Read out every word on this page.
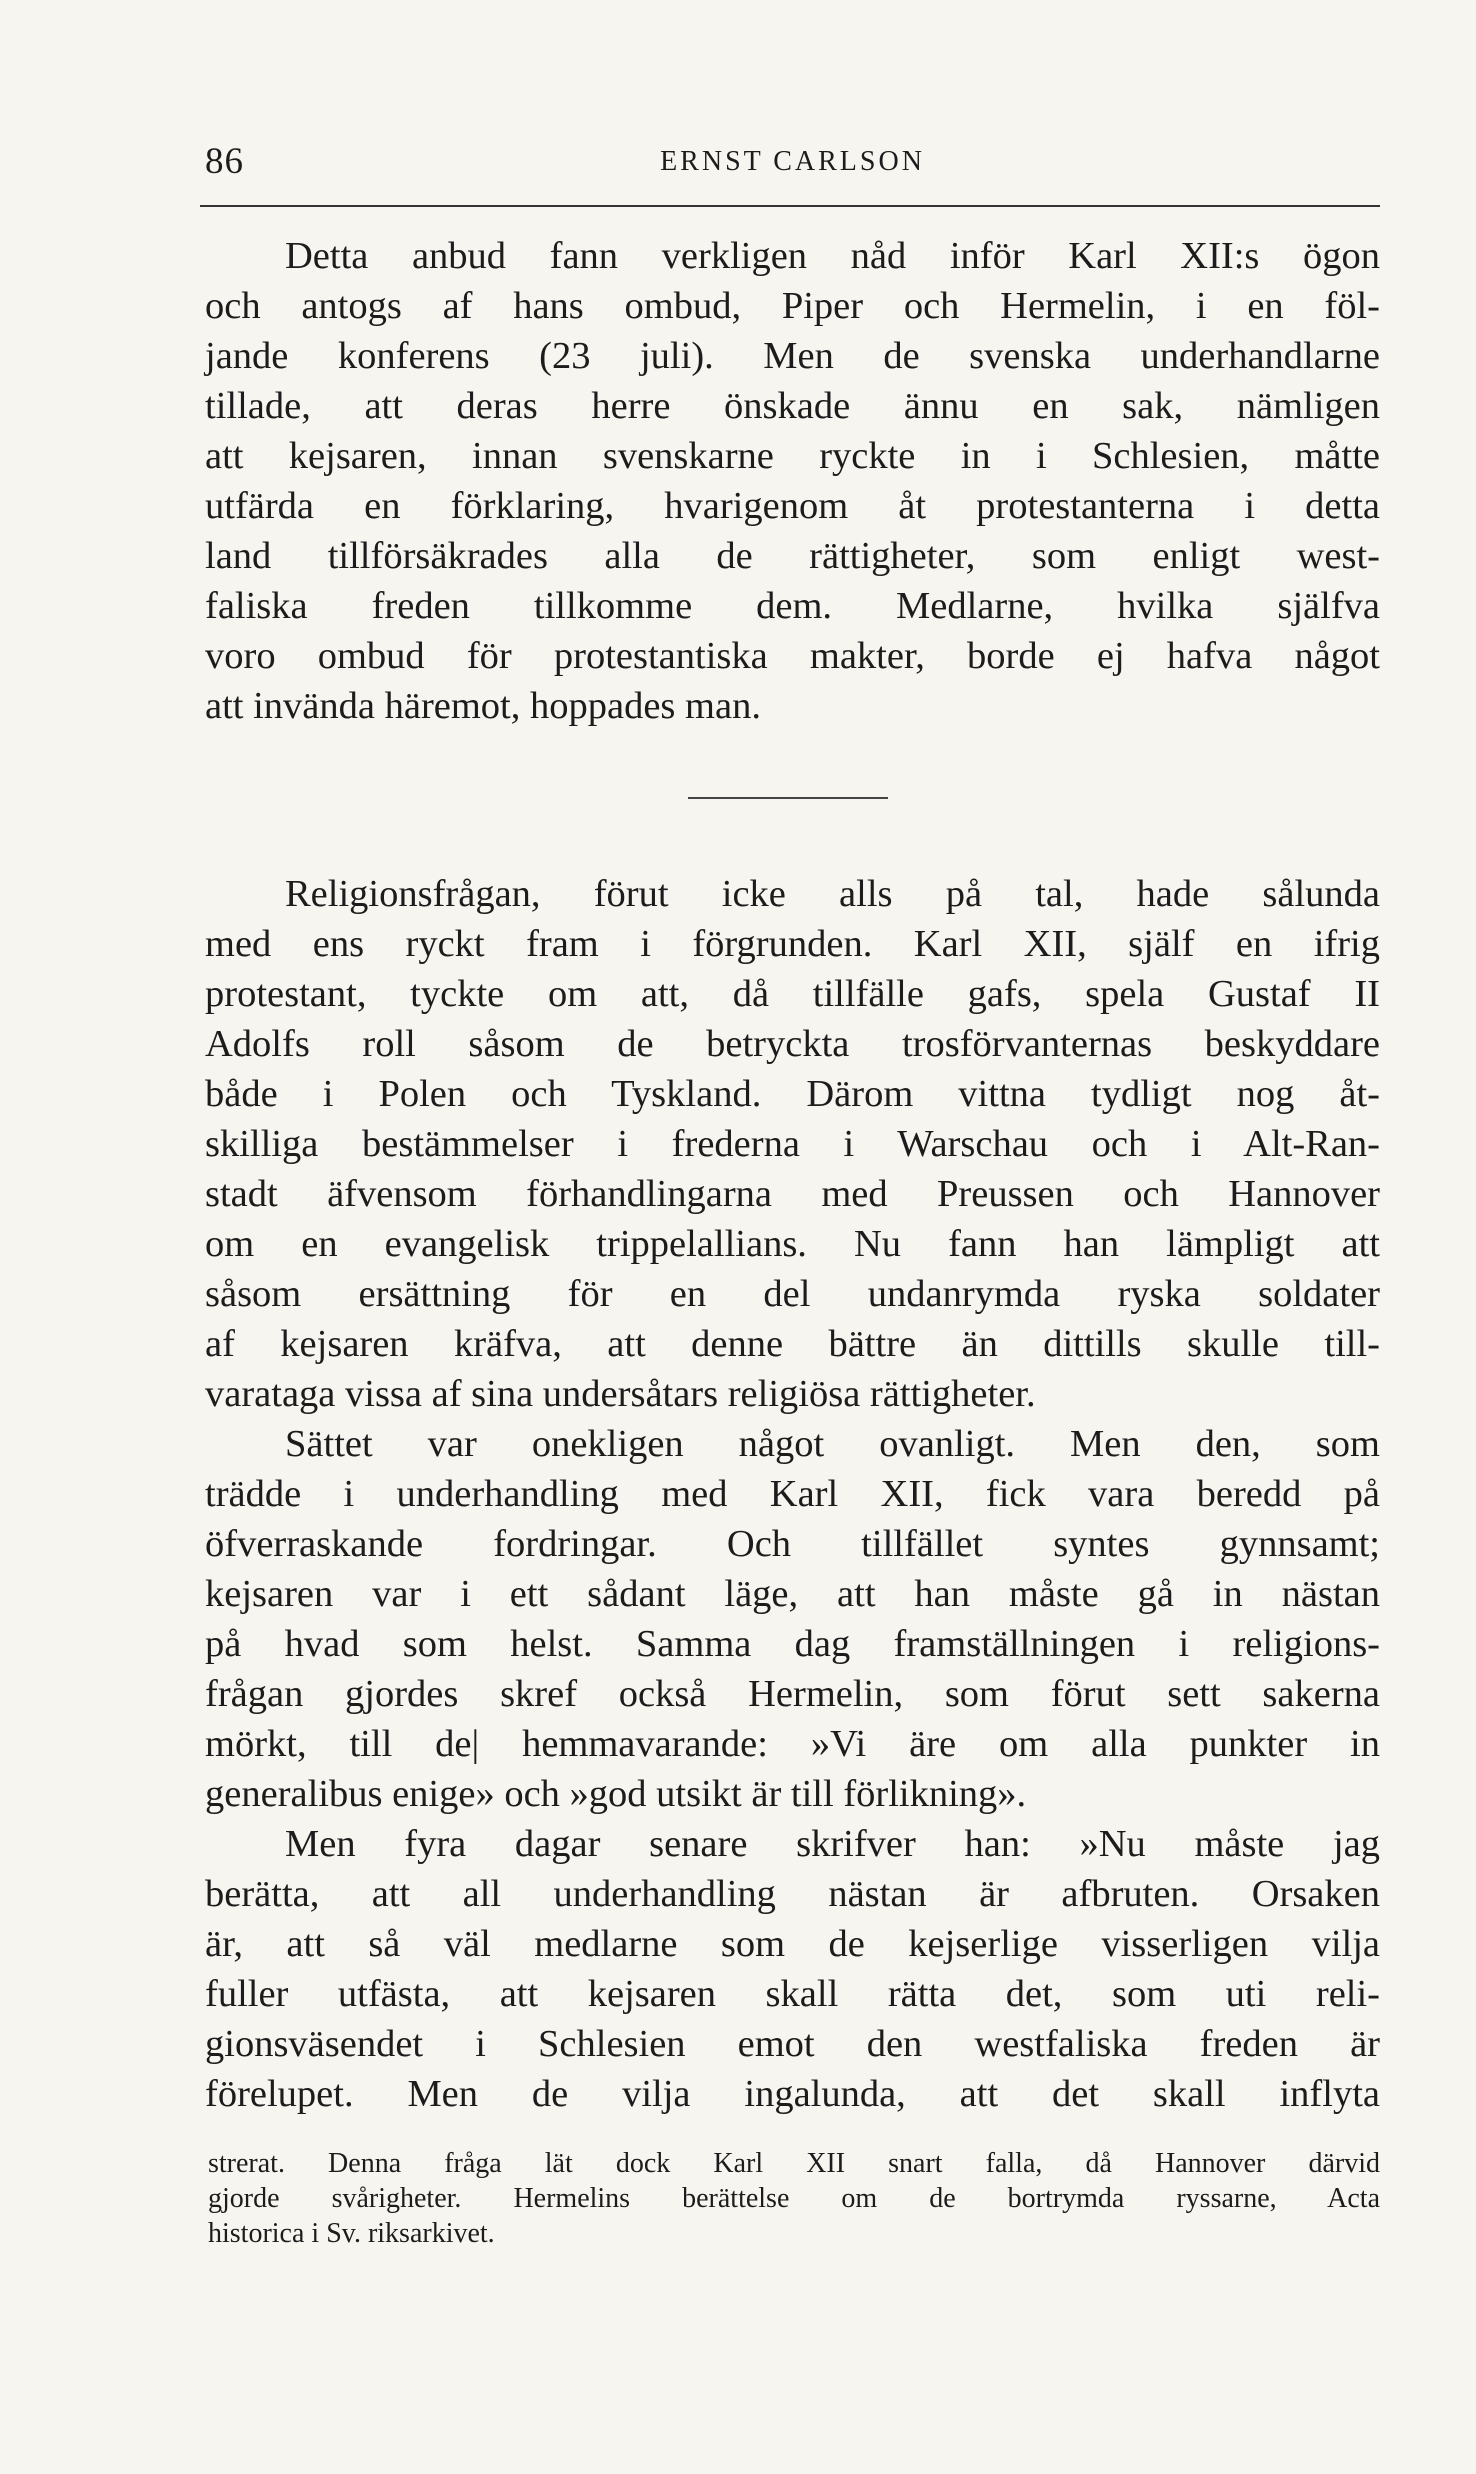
86	ERNST CARLSON
Detta anbud fann verkligen nåd inför Karl XII:s ögon
och antogs af hans ombud, Piper och Hermelin, i en föl-
jande konferens (23 juli). Men de svenska underhandlarne
tillade, att deras herre önskade ännu en sak, nämligen
att kejsaren, innan svenskarne ryckte in i Schlesien, måtte
utfärda en förklaring, hvarigenom åt protestanterna i detta
land tillförsäkrades alla de rättigheter, som enligt west-
faliska freden tillkomme dem. Medlarne, hvilka själfva
voro ombud för protestantiska makter, borde ej hafva något
att invända häremot, hoppades man.
Religionsfrågan, förut icke alls på tal, hade sålunda
med ens ryckt fram i förgrunden. Karl XII, själf en ifrig
protestant, tyckte om att, då tillfälle gafs, spela Gustaf II
Adolfs roll såsom de betryckta trosförvanternas beskyddare
både i Polen och Tyskland. Därom vittna tydligt nog åt-
skilliga bestämmelser i frederna i Warschau och i Alt-Ran-
stadt äfvensom förhandlingarna med Preussen och Hannover
om en evangelisk trippelallians. Nu fann han lämpligt att
såsom ersättning för en del undanrymda ryska soldater
af kejsaren kräfva, att denne bättre än dittills skulle till-
varataga vissa af sina undersåtars religiösa rättigheter.
Sättet var onekligen något ovanligt. Men den, som
trädde i underhandling med Karl XII, fick vara beredd på
öfverraskande fordringar. Och tillfället syntes gynnsamt;
kejsaren var i ett sådant läge, att han måste gå in nästan
på hvad som helst. Samma dag framställningen i religions-
frågan gjordes skref också Hermelin, som förut sett sakerna
mörkt, till de| hemmavarande: »Vi äre om alla punkter in
generalibus enige» och »god utsikt är till förlikning».
Men fyra dagar senare skrifver han: »Nu måste jag
berätta, att all underhandling nästan är afbruten. Orsaken
är, att så väl medlarne som de kejserlige visserligen vilja
fuller utfästa, att kejsaren skall rätta det, som uti reli-
gionsväsendet i Schlesien emot den westfaliska freden är
förelupet. Men de vilja ingalunda, att det skall inflyta
strerat. Denna fråga lät dock Karl XII snart falla, då Hannover därvid
gjorde svårigheter. Hermelins berättelse om de bortrymda ryssarne, Acta
historica i Sv. riksarkivet.
